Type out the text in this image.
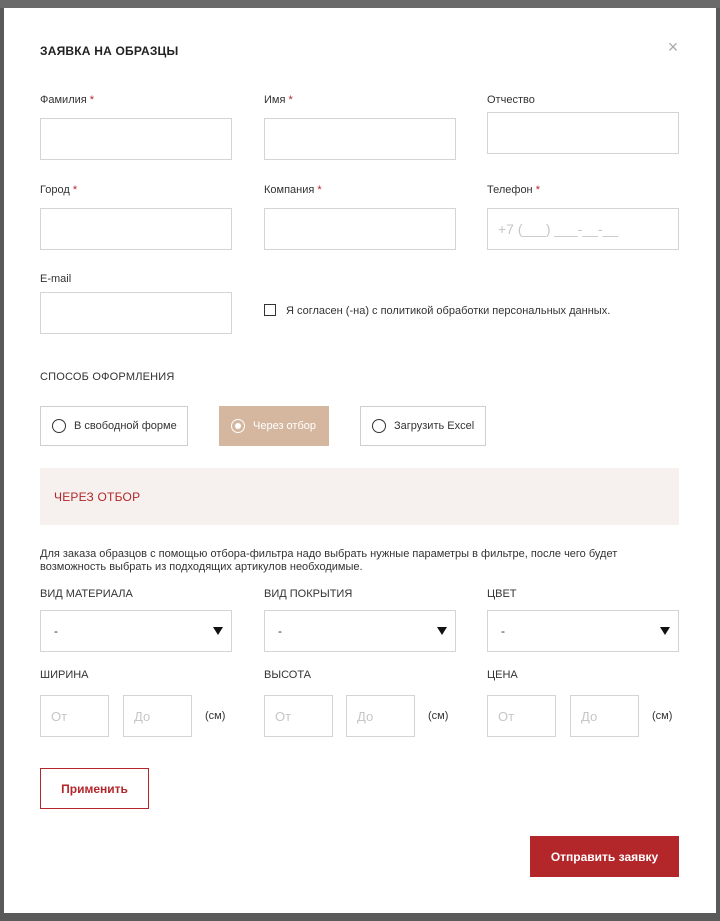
ЗАЯВКА НА ОБРАЗЦЫ	×
Фамилия *	Имя *	Отчество
Город *	Компания *	Телефон *
+7 (___) ___-__-__
E-mail
Я согласен (-на) с политикой обработки персональных данных.
СПОСОБ ОФОРМЛЕНИЯ
В свободной форме	Через отбор	Загрузить Excel
ЧЕРЕЗ ОТБОР
Для заказа образцов с помощью отбора-фильтра надо выбрать нужные параметры в фильтре, после чего будет возможность выбрать из подходящих артикулов необходимые.
ВИД МАТЕРИАЛА
-
ВИД ПОКРЫТИЯ
-
ЦВЕТ
-
ШИРИНА
От	До	(см)
ВЫСОТА
От	До	(см)
ЦЕНА
От	До	(см)
Применить
Отправить заявку
